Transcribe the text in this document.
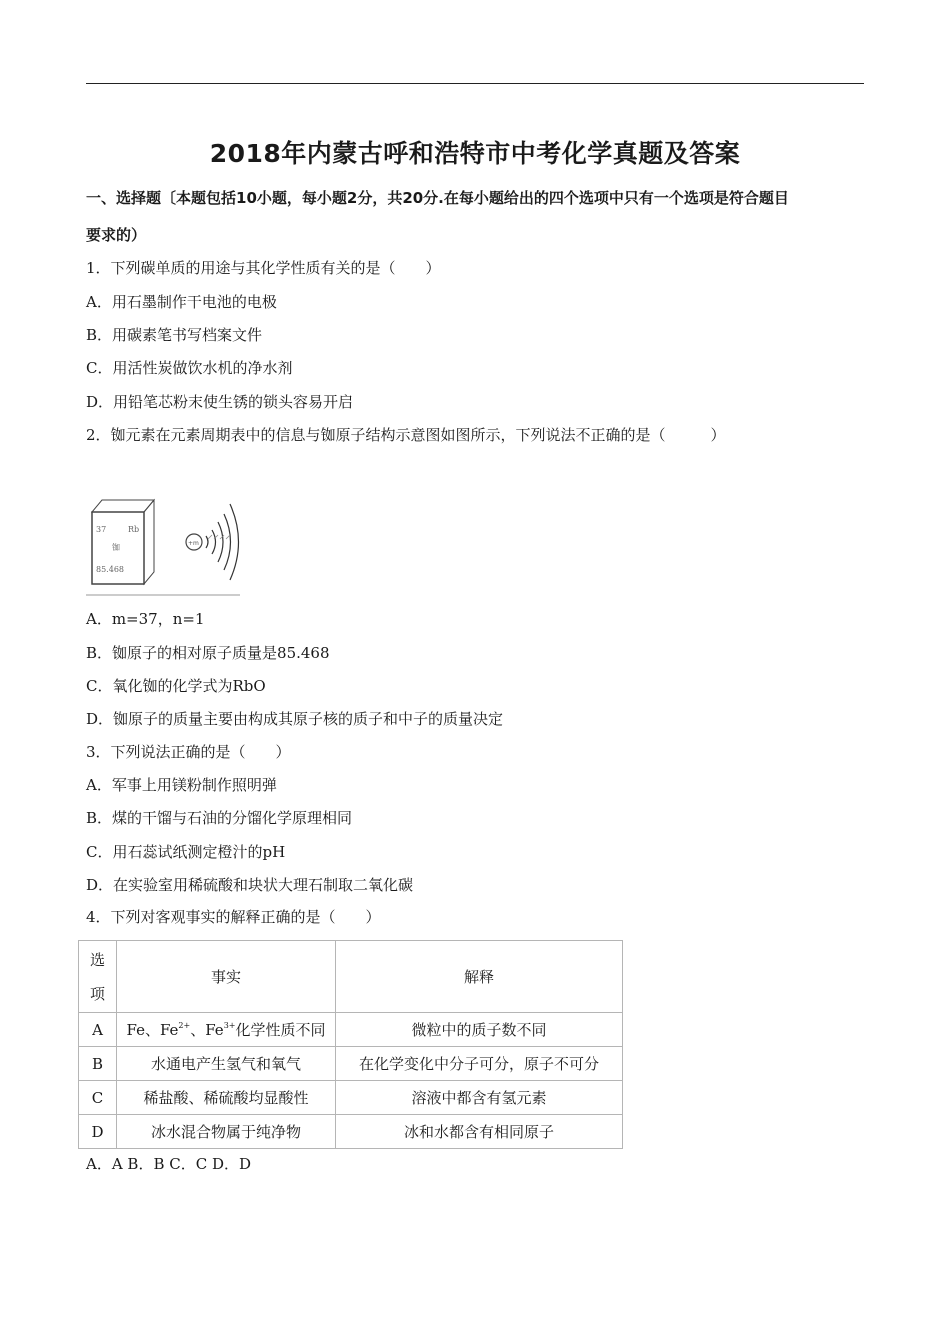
2018年内蒙古呼和浩特市中考化学真题及答案
一、选择题〔本题包括10小题，每小题2分，共20分.在每小题给出的四个选项中只有一个选项是符合题目
要求的）
1．下列碳单质的用途与其化学性质有关的是（　　）
A．用石墨制作干电池的电极
B．用碳素笔书写档案文件
C．用活性炭做饮水机的净水剂
D．用铅笔芯粉末使生锈的锁头容易开启
2．铷元素在元素周期表中的信息与铷原子结构示意图如图所示，下列说法不正确的是（　　　）
37	Rb
铷
85.468
+m
A．m=37，n=1
B．铷原子的相对原子质量是85.468
C．氧化铷的化学式为RbO
D．铷原子的质量主要由构成其原子核的质子和中子的质量决定
3．下列说法正确的是（　　）
A．军事上用镁粉制作照明弹
B．煤的干馏与石油的分馏化学原理相同
C．用石蕊试纸测定橙汁的pH
D．在实验室用稀硫酸和块状大理石制取二氧化碳
4．下列对客观事实的解释正确的是（　　）
选
项	事实	解释
A	Fe、$Fe^{2+}$、$Fe^{3+}$化学性质不同	微粒中的质子数不同
B	水通电产生氢气和氧气	在化学变化中分子可分，原子不可分
C	稀盐酸、稀硫酸均显酸性	溶液中都含有氢元素
D	冰水混合物属于纯净物	冰和水都含有相同原子
A．A B．B C．C D．D
